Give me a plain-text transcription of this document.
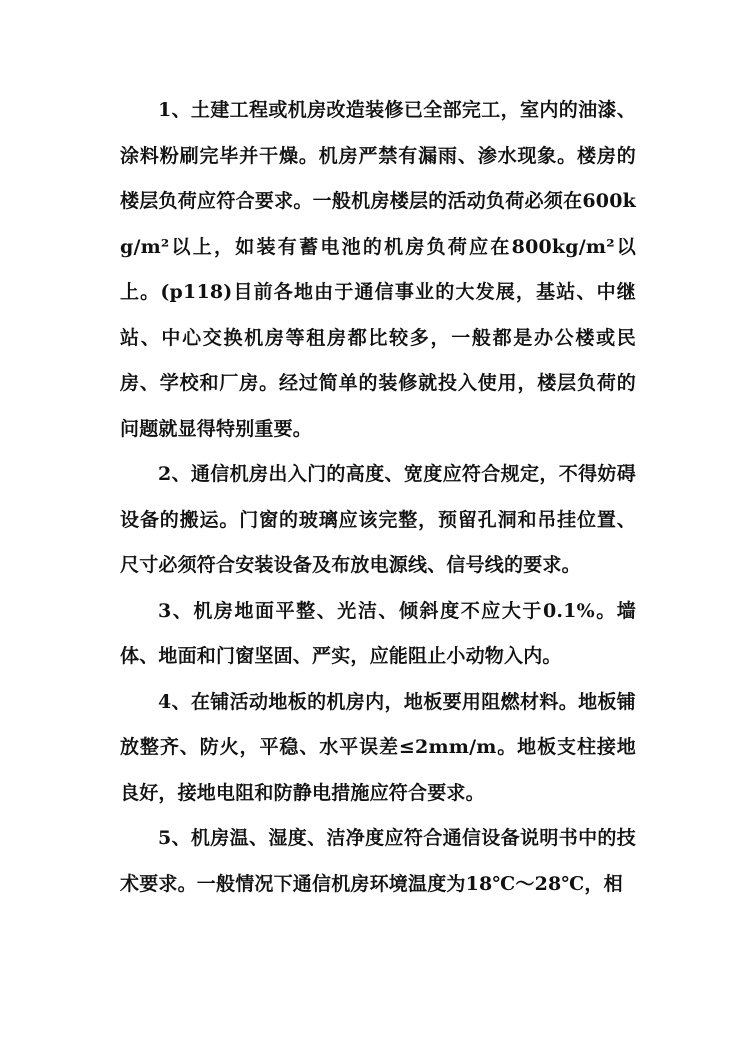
1、土建工程或机房改造装修已全部完工，室内的油漆、涂料粉刷完毕并干燥。机房严禁有漏雨、渗水现象。楼房的楼层负荷应符合要求。一般机房楼层的活动负荷必须在600kg/m²以上，如装有蓄电池的机房负荷应在800kg/m²以上。(p118)目前各地由于通信事业的大发展，基站、中继站、中心交换机房等租房都比较多，一般都是办公楼或民房、学校和厂房。经过简单的装修就投入使用，楼层负荷的问题就显得特别重要。

2、通信机房出入门的高度、宽度应符合规定，不得妨碍设备的搬运。门窗的玻璃应该完整，预留孔洞和吊挂位置、尺寸必须符合安装设备及布放电源线、信号线的要求。

3、机房地面平整、光洁、倾斜度不应大于0.1%。墙体、地面和门窗坚固、严实，应能阻止小动物入内。

4、在铺活动地板的机房内，地板要用阻燃材料。地板铺放整齐、防火，平稳、水平误差≤2mm/m。地板支柱接地良好，接地电阻和防静电措施应符合要求。

5、机房温、湿度、洁净度应符合通信设备说明书中的技术要求。一般情况下通信机房环境温度为18℃～28℃，相
